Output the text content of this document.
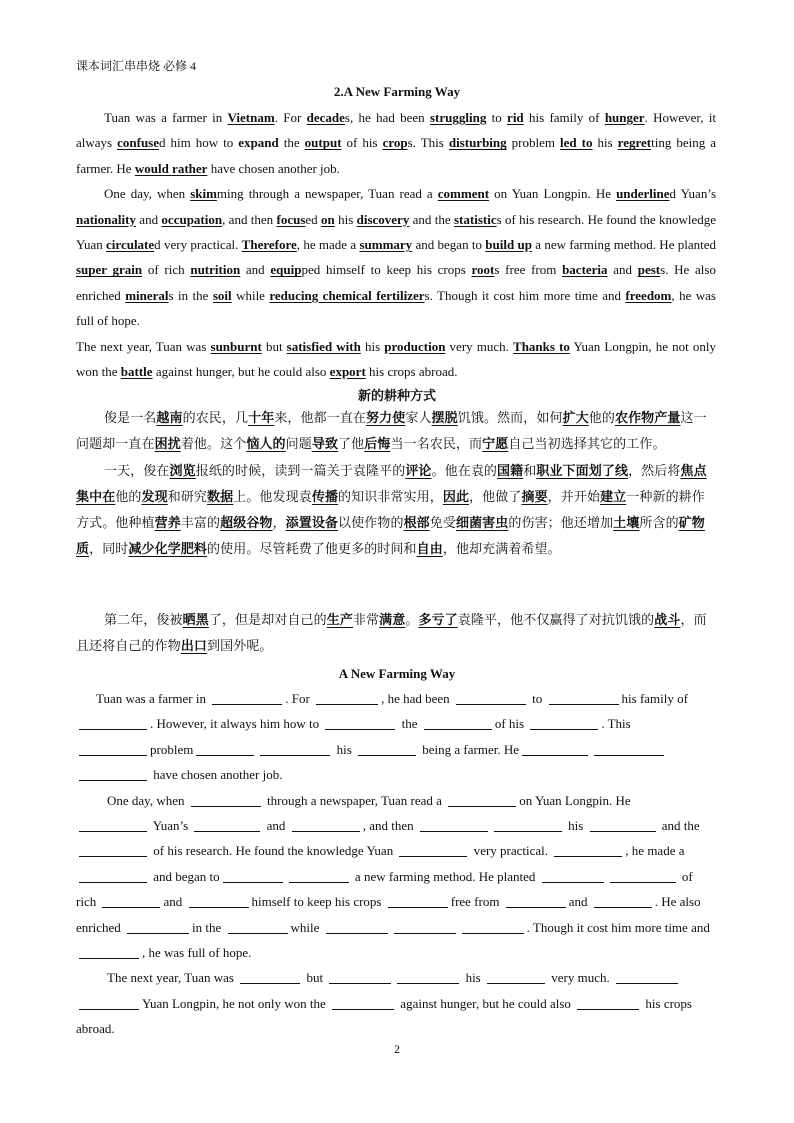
课本词汇串串烧 必修 4
2.A New Farming Way

Tuan was a farmer in Vietnam. For decades, he had been struggling to rid his family of hunger. However, it always confused him how to expand the output of his crops. This disturbing problem led to his regretting being a farmer. He would rather have chosen another job.

One day, when skimming through a newspaper, Tuan read a comment on Yuan Longpin. He underlined Yuan’s nationality and occupation, and then focused on his discovery and the statistics of his research. He found the knowledge Yuan circulated very practical. Therefore, he made a summary and began to build up a new farming method. He planted super grain of rich nutrition and equipped himself to keep his crops roots free from bacteria and pests. He also enriched minerals in the soil while reducing chemical fertilizers. Though it cost him more time and freedom, he was full of hope.

The next year, Tuan was sunburnt but satisfied with his production very much. Thanks to Yuan Longpin, he not only won the battle against hunger, but he could also export his crops abroad.

新的耕种方式

俊是一名越南的农民，几十年来，他都一直在努力使家人摆脱饥饿。然而，如何扩大他的农作物产量这一问题却一直在困扰着他。这个恼人的问题导致了他后悔当一名农民，而宁愿自己当初选择其它的工作。

一天，俊在浏览报纸的时候，读到一篇关于袁隆平的评论。他在袁的国籍和职业下面划了线，然后将焦点集中在他的发现和研究数据上。他发现袁传播的知识非常实用，因此，他做了摘要，并开始建立一种新的耕作方式。他种植营养丰富的超级谷物，添置设备以使作物的根部免受细菌害虫的伤害；他还增加土壤所含的矿物质，同时减少化学肥料的使用。尽管耗费了他更多的时间和自由，他却充满着希望。

第二年，俊被晒黑了，但是却对自己的生产非常满意。多亏了袁隆平，他不仅赢得了对抗饥饿的战斗，而且还将自己的作物出口到国外呢。

A New Farming Way

Tuan was a farmer in	. For	, he had been	to	his family of

. However, it always him how to	the	of his	. This

problem	his	being a farmer. He

have chosen another job.

One day, when	through a newspaper, Tuan read a	on Yuan Longpin. He

Yuan’s	and	, and then	his	and the

of his research. He found the knowledge Yuan	very practical.	, he made a

and began to	a new farming method. He planted	of

rich	and	himself to keep his crops	free from	and	. He also

enriched	in the	while	. Though it cost him more time and

, he was full of hope.

The next year, Tuan was	but	his	very much.

Yuan Longpin, he not only won the	against hunger, but he could also	his crops

abroad.

2
